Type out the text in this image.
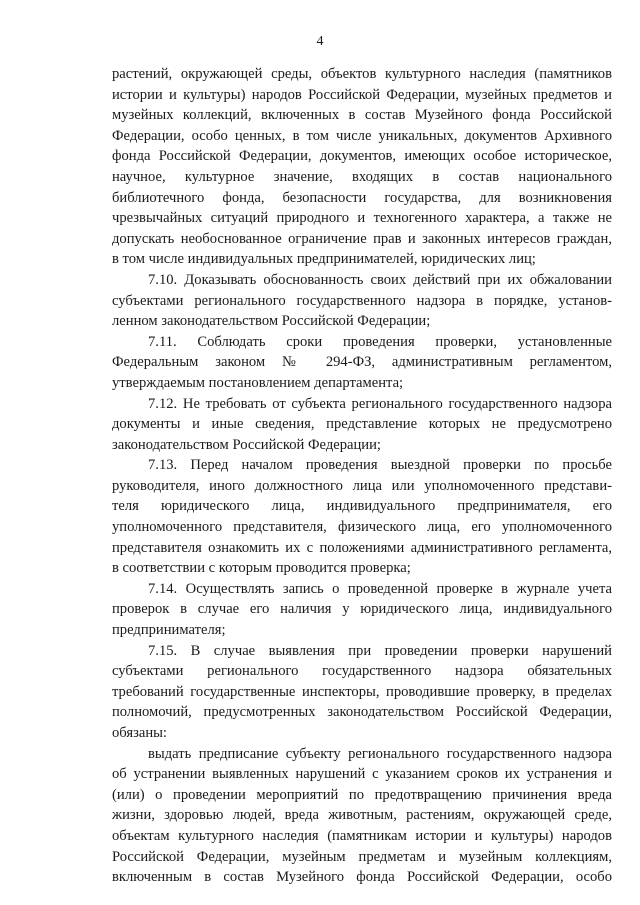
4
растений, окружающей среды, объектов культурного наследия (памятников
истории и культуры) народов Российской Федерации, музейных предметов и
музейных коллекций, включенных в состав Музейного фонда Российской
Федерации, особо ценных, в том числе уникальных, документов Архивного
фонда Российской Федерации, документов, имеющих особое историческое,
научное, культурное значение, входящих в состав национального
библиотечного фонда, безопасности государства, для возникновения
чрезвычайных ситуаций природного и техногенного характера, а также не
допускать необоснованное ограничение прав и законных интересов граждан,
в том числе индивидуальных предпринимателей, юридических лиц;
7.10. Доказывать обоснованность своих действий при их обжаловании
субъектами регионального государственного надзора в порядке, установ-
ленном законодательством Российской Федерации;
7.11. Соблюдать сроки проведения проверки, установленные
Федеральным законом № 294-ФЗ, административным регламентом,
утверждаемым постановлением департамента;
7.12. Не требовать от субъекта регионального государственного надзора
документы и иные сведения, представление которых не предусмотрено
законодательством Российской Федерации;
7.13. Перед началом проведения выездной проверки по просьбе
руководителя, иного должностного лица или уполномоченного представи-
теля юридического лица, индивидуального предпринимателя, его
уполномоченного представителя, физического лица, его уполномоченного
представителя ознакомить их с положениями административного регламента,
в соответствии с которым проводится проверка;
7.14. Осуществлять запись о проведенной проверке в журнале учета
проверок в случае его наличия у юридического лица, индивидуального
предпринимателя;
7.15. В случае выявления при проведении проверки нарушений
субъектами регионального государственного надзора обязательных
требований государственные инспекторы, проводившие проверку, в пределах
полномочий, предусмотренных законодательством Российской Федерации,
обязаны:
выдать предписание субъекту регионального государственного надзора
об устранении выявленных нарушений с указанием сроков их устранения и
(или) о проведении мероприятий по предотвращению причинения вреда
жизни, здоровью людей, вреда животным, растениям, окружающей среде,
объектам культурного наследия (памятникам истории и культуры) народов
Российской Федерации, музейным предметам и музейным коллекциям,
включенным в состав Музейного фонда Российской Федерации, особо
